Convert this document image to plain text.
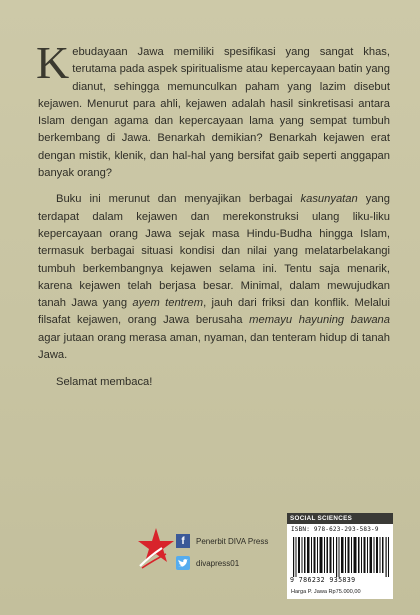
Kebudayaan Jawa memiliki spesifikasi yang sangat khas, terutama pada aspek spiritualisme atau kepercayaan batin yang dianut, sehingga memunculkan paham yang lazim disebut kejawen. Menurut para ahli, kejawen adalah hasil sinkretisasi antara Islam dengan agama dan kepercayaan lama yang sempat tumbuh berkembang di Jawa. Benarkah demikian? Benarkah kejawen erat dengan mistik, klenik, dan hal-hal yang bersifat gaib seperti anggapan banyak orang?

Buku ini merunut dan menyajikan berbagai kasunyatan yang terdapat dalam kejawen dan merekonstruksi ulang liku-liku kepercayaan orang Jawa sejak masa Hindu-Budha hingga Islam, termasuk berbagai situasi kondisi dan nilai yang melatarbelakangi tumbuh berkembangnya kejawen selama ini. Tentu saja menarik, karena kejawen telah berjasa besar. Minimal, dalam mewujudkan tanah Jawa yang ayem tentrem, jauh dari friksi dan konflik. Melalui filsafat kejawen, orang Jawa berusaha memayu hayuning bawana agar jutaan orang merasa aman, nyaman, dan tenteram hidup di tanah Jawa.

Selamat membaca!

f	Penerbit DIVA Press
divapress01
SOCIAL SCIENCES
ISBN: 978-623-293-583-9
9 786232 935839
Harga P. Jawa Rp75.000,00
